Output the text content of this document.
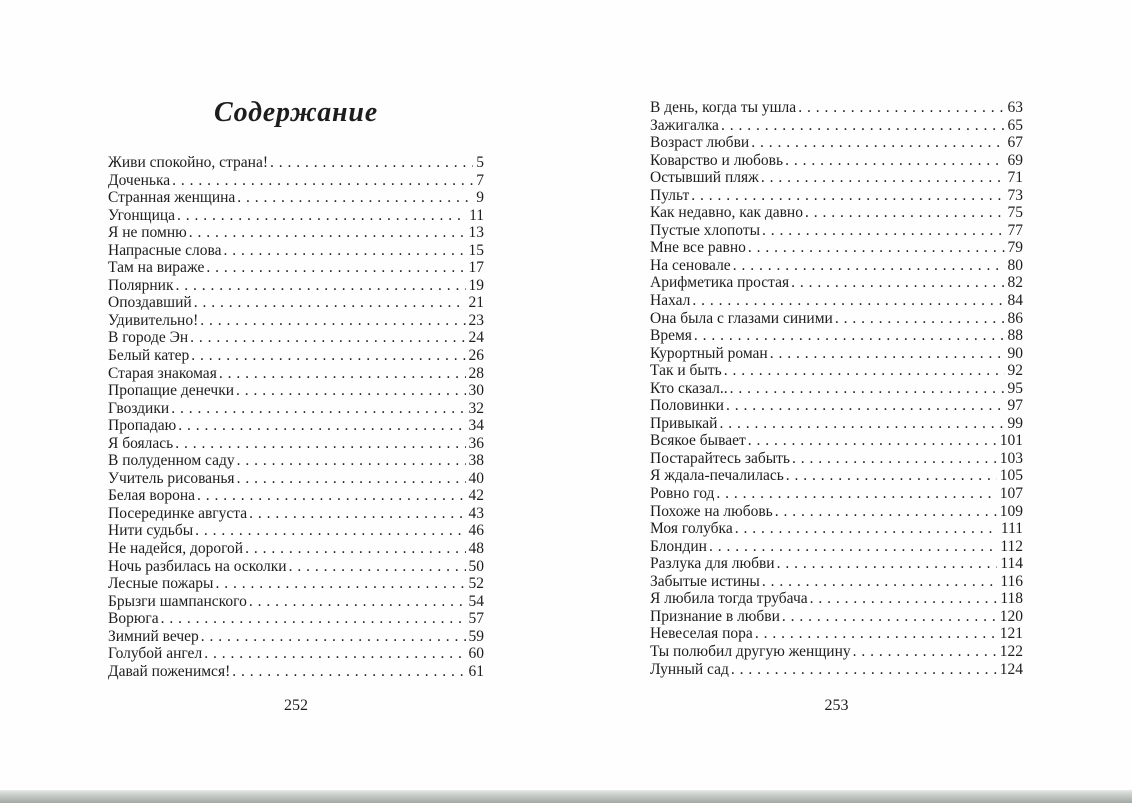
Содержание
Живи спокойно, страна! . . .	5
Доченька . . .	7
Странная женщина . . .	9
Угонщица . . .	11
Я не помню . . .	13
Напрасные слова . . .	15
Там на вираже . . .	17
Полярник . . .	19
Опоздавший . . .	21
Удивительно! . . .	23
В городе Эн . . .	24
Белый катер . . .	26
Старая знакомая . . .	28
Пропащие денечки . . .	30
Гвоздики . . .	32
Пропадаю . . .	34
Я боялась . . .	36
В полуденном саду . . .	38
Учитель рисованья . . .	40
Белая ворона . . .	42
Посерединке августа . . .	43
Нити судьбы . . .	46
Не надейся, дорогой . . .	48
Ночь разбилась на осколки . . .	50
Лесные пожары . . .	52
Брызги шампанского . . .	54
Ворюга . . .	57
Зимний вечер . . .	59
Голубой ангел . . .	60
Давай поженимся! . . .	61
В день, когда ты ушла . . .	63
Зажигалка . . .	65
Возраст любви . . .	67
Коварство и любовь . . .	69
Остывший пляж . . .	71
Пульт . . .	73
Как недавно, как давно . . .	75
Пустые хлопоты . . .	77
Мне все равно . . .	79
На сеновале . . .	80
Арифметика простая . . .	82
Нахал . . .	84
Она была с глазами синими . . .	86
Время . . .	88
Курортный роман . . .	90
Так и быть . . .	92
Кто сказал.. . . .	95
Половинки . . .	97
Привыкай . . .	99
Всякое бывает . . .	101
Постарайтесь забыть . . .	103
Я ждала-печалилась . . .	105
Ровно год . . .	107
Похоже на любовь . . .	109
Моя голубка . . .	111
Блондин . . .	112
Разлука для любви . . .	114
Забытые истины . . .	116
Я любила тогда трубача . . .	118
Признание в любви . . .	120
Невеселая пора . . .	121
Ты полюбил другую женщину . . .	122
Лунный сад . . .	124
252	253
